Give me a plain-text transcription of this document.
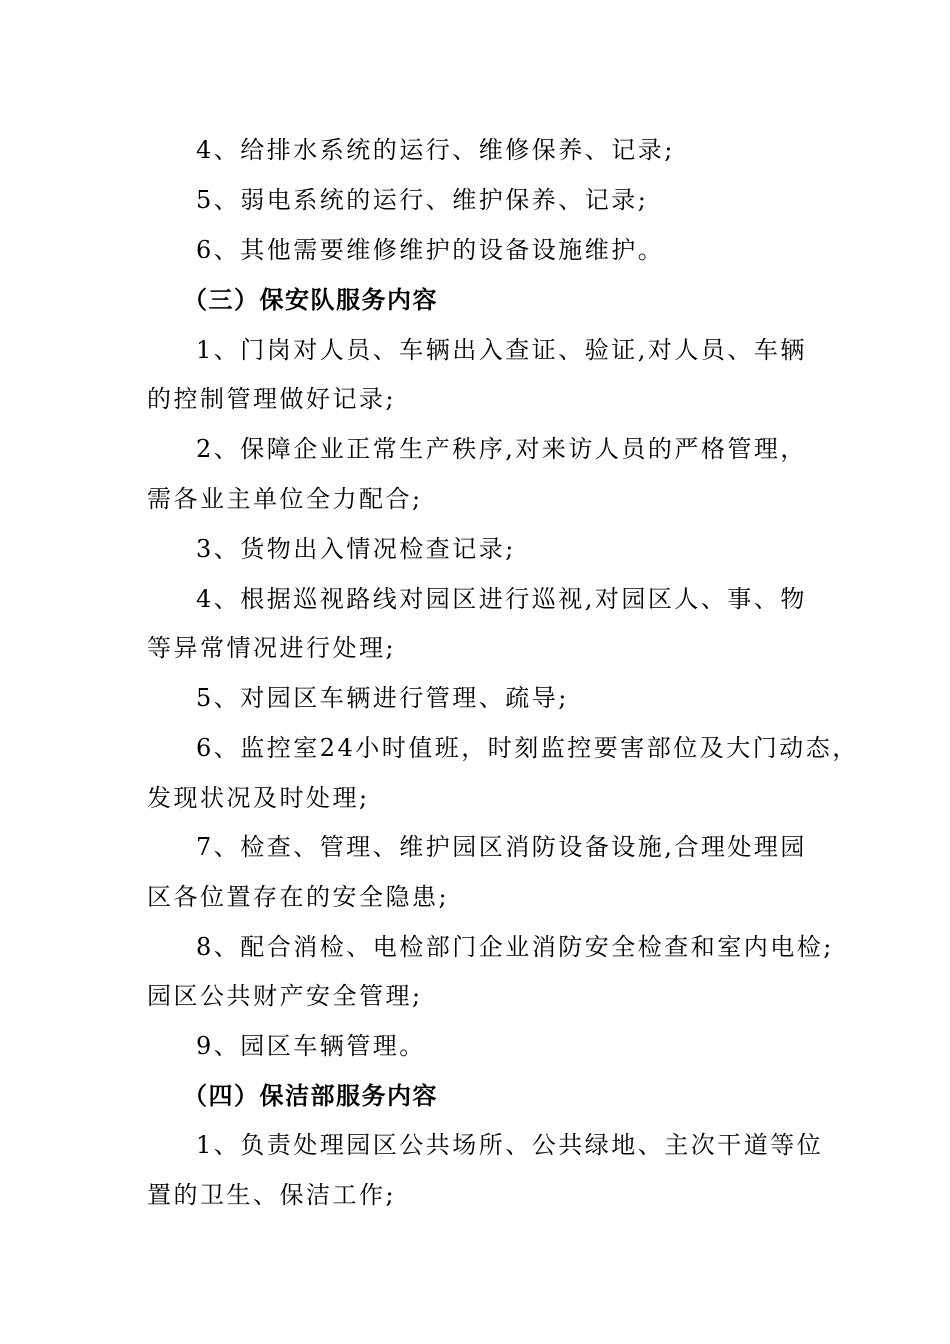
4、给排水系统的运行、维修保养、记录;
5、弱电系统的运行、维护保养、记录;
6、其他需要维修维护的设备设施维护。
（三）保安队服务内容
1、门岗对人员、车辆出入查证、验证,对人员、车辆
的控制管理做好记录;
2、保障企业正常生产秩序,对来访人员的严格管理，
需各业主单位全力配合;
3、货物出入情况检查记录;
4、根据巡视路线对园区进行巡视,对园区人、事、物
等异常情况进行处理;
5、对园区车辆进行管理、疏导;
6、监控室24小时值班，时刻监控要害部位及大门动态，
发现状况及时处理;
7、检查、管理、维护园区消防设备设施,合理处理园
区各位置存在的安全隐患;
8、配合消检、电检部门企业消防安全检查和室内电检;
园区公共财产安全管理;
9、园区车辆管理。
（四）保洁部服务内容
1、负责处理园区公共场所、公共绿地、主次干道等位
置的卫生、保洁工作;
